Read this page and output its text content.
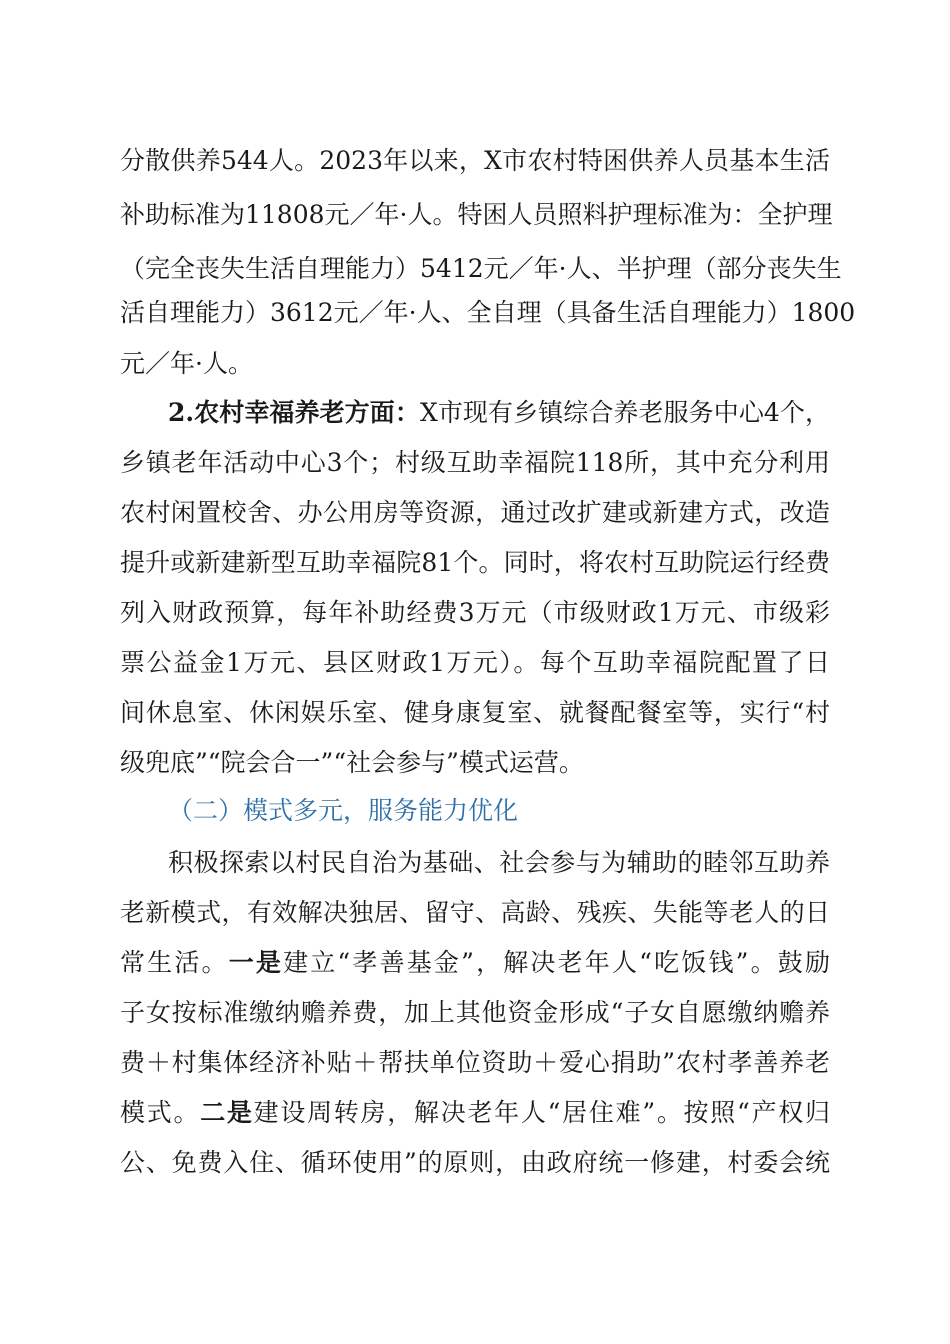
分散供养544人。2023年以来，X市农村特困供养人员基本生活
补助标准为11808元／年·人。特困人员照料护理标准为：全护理
（完全丧失生活自理能力）5412元／年·人、半护理（部分丧失生
活自理能力）3612元／年·人、全自理（具备生活自理能力）1800
元／年·人。
2.农村幸福养老方面：X市现有乡镇综合养老服务中心4个，
乡镇老年活动中心3个；村级互助幸福院118所，其中充分利用
农村闲置校舍、办公用房等资源，通过改扩建或新建方式，改造
提升或新建新型互助幸福院81个。同时，将农村互助院运行经费
列入财政预算，每年补助经费3万元（市级财政1万元、市级彩
票公益金1万元、县区财政1万元）。每个互助幸福院配置了日
间休息室、休闲娱乐室、健身康复室、就餐配餐室等，实行“村
级兜底”“院会合一”“社会参与”模式运营。
（二）模式多元，服务能力优化
积极探索以村民自治为基础、社会参与为辅助的睦邻互助养
老新模式，有效解决独居、留守、高龄、残疾、失能等老人的日
常生活。一是建立“孝善基金”，解决老年人“吃饭钱”。鼓励
子女按标准缴纳赡养费，加上其他资金形成“子女自愿缴纳赡养
费＋村集体经济补贴＋帮扶单位资助＋爱心捐助”农村孝善养老
模式。二是建设周转房，解决老年人“居住难”。按照“产权归
公、免费入住、循环使用”的原则，由政府统一修建，村委会统
